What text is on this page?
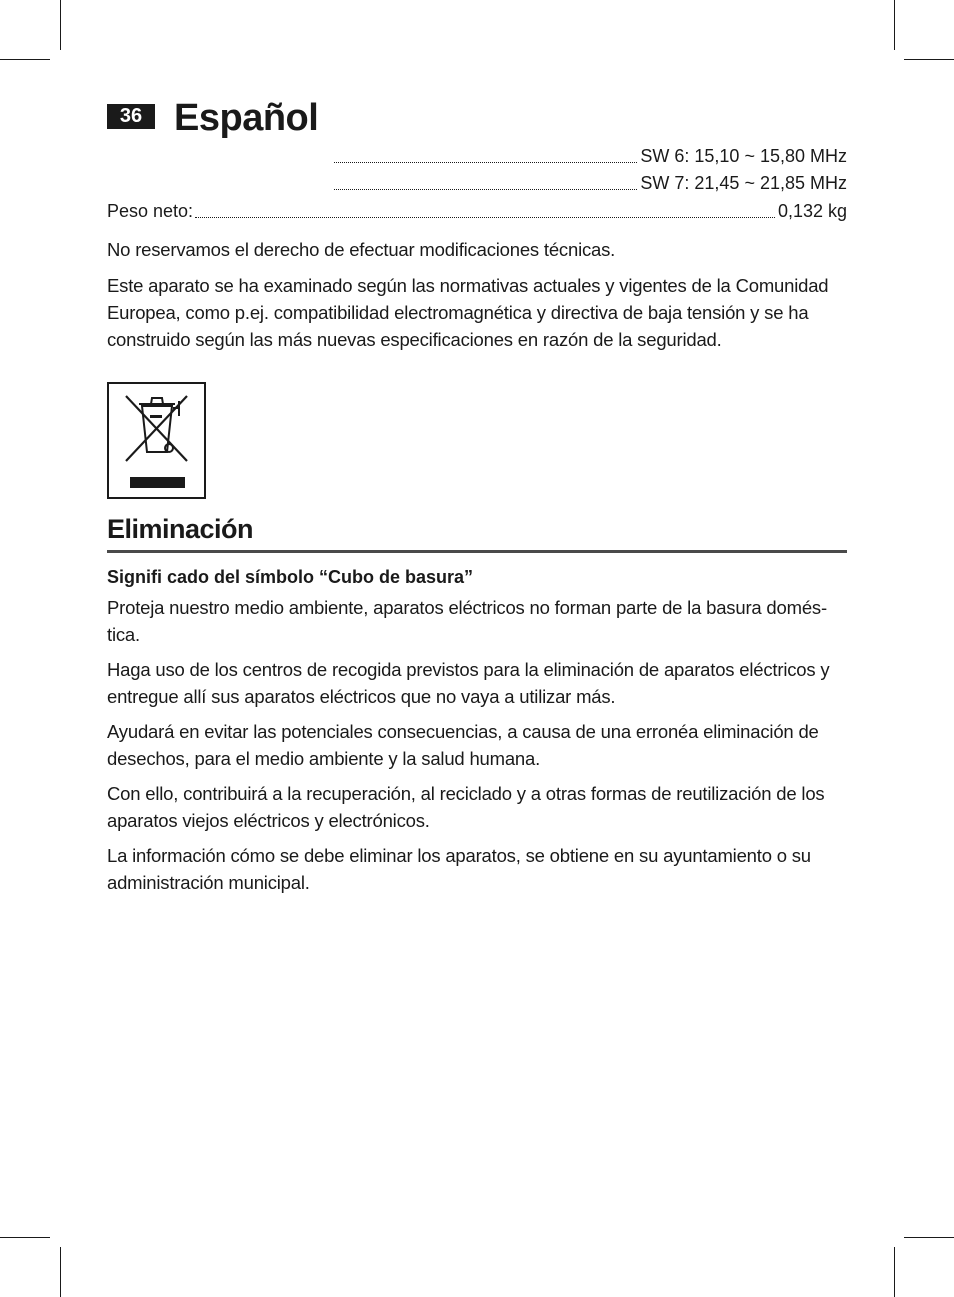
36 Español
SW 6: 15,10 ~ 15,80 MHz
SW 7: 21,45 ~ 21,85 MHz
Peso neto:	0,132 kg

No reservamos el derecho de efectuar modificaciones técnicas.

Este aparato se ha examinado según las normativas actuales y vigentes de la Comunidad Europea, como p.ej. compatibilidad electromagnética y directiva de baja tensión y se ha construido según las más nuevas especificaciones en razón de la seguridad.

Eliminación
Signifi cado del símbolo “Cubo de basura”

Proteja nuestro medio ambiente, aparatos eléctricos no forman parte de la basura domés-tica.

Haga uso de los centros de recogida previstos para la eliminación de aparatos eléctricos y entregue allí sus aparatos eléctricos que no vaya a utilizar más.

Ayudará en evitar las potenciales consecuencias, a causa de una erronéa eliminación de desechos, para el medio ambiente y la salud humana.

Con ello, contribuirá a la recuperación, al reciclado y a otras formas de reutilización de los aparatos viejos eléctricos y electrónicos.

La información cómo se debe eliminar los aparatos, se obtiene en su ayuntamiento o su administración municipal.
